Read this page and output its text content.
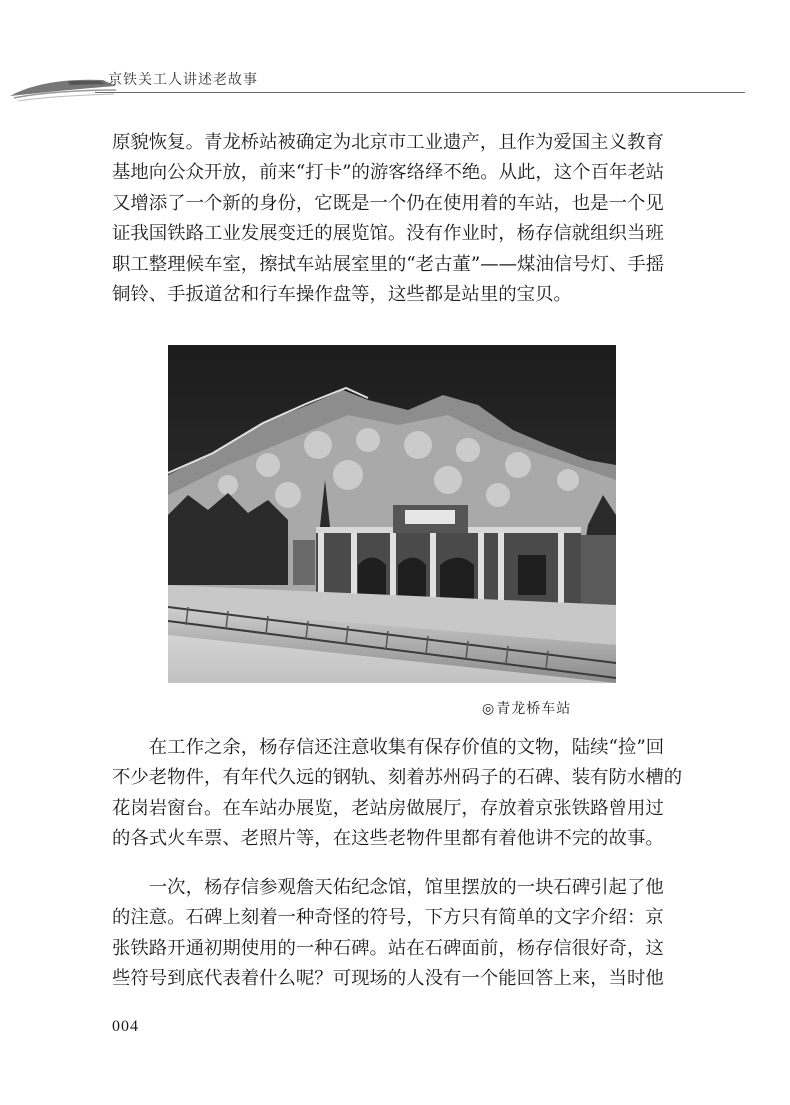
京铁关工人讲述老故事
原貌恢复。青龙桥站被确定为北京市工业遗产，且作为爱国主义教育
基地向公众开放，前来“打卡”的游客络绎不绝。从此，这个百年老站
又增添了一个新的身份，它既是一个仍在使用着的车站，也是一个见
证我国铁路工业发展变迁的展览馆。没有作业时，杨存信就组织当班
职工整理候车室，擦拭车站展室里的“老古董”——煤油信号灯、手摇
铜铃、手扳道岔和行车操作盘等，这些都是站里的宝贝。
◎青龙桥车站
　　在工作之余，杨存信还注意收集有保存价值的文物，陆续“捡”回
不少老物件，有年代久远的钢轨、刻着苏州码子的石碑、装有防水槽的
花岗岩窗台。在车站办展览，老站房做展厅，存放着京张铁路曾用过
的各式火车票、老照片等，在这些老物件里都有着他讲不完的故事。
　　一次，杨存信参观詹天佑纪念馆，馆里摆放的一块石碑引起了他
的注意。石碑上刻着一种奇怪的符号，下方只有简单的文字介绍：京
张铁路开通初期使用的一种石碑。站在石碑面前，杨存信很好奇，这
些符号到底代表着什么呢？可现场的人没有一个能回答上来，当时他
004
